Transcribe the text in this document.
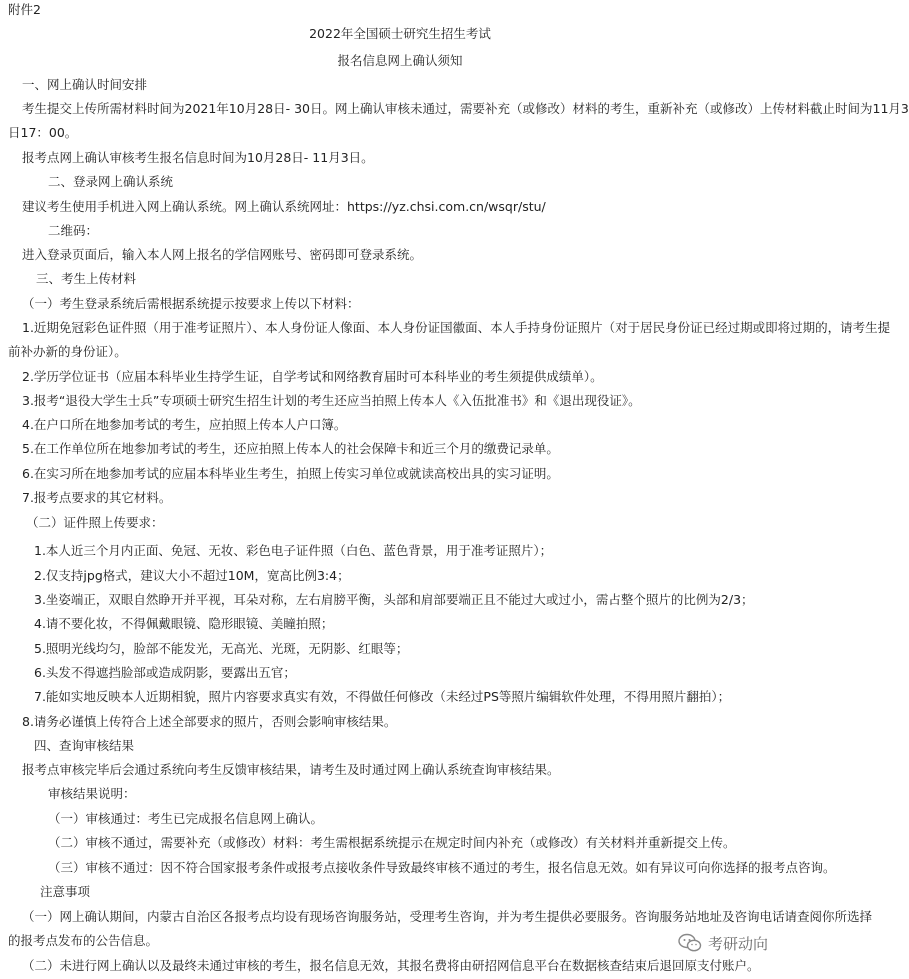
附件2
2022年全国硕士研究生招生考试
报名信息网上确认须知
一、网上确认时间安排
考生提交上传所需材料时间为2021年10月28日- 30日。网上确认审核未通过，需要补充（或修改）材料的考生，重新补充（或修改）上传材料截止时间为11月3
日17：00。
报考点网上确认审核考生报名信息时间为10月28日- 11月3日。
二、登录网上确认系统
建议考生使用手机进入网上确认系统。网上确认系统网址：https://yz.chsi.com.cn/wsqr/stu/
二维码：
进入登录页面后，输入本人网上报名的学信网账号、密码即可登录系统。
三、考生上传材料
（一）考生登录系统后需根据系统提示按要求上传以下材料：
1.近期免冠彩色证件照（用于准考证照片）、本人身份证人像面、本人身份证国徽面、本人手持身份证照片（对于居民身份证已经过期或即将过期的，请考生提
前补办新的身份证）。
2.学历学位证书（应届本科毕业生持学生证，自学考试和网络教育届时可本科毕业的考生须提供成绩单）。
3.报考“退役大学生士兵”专项硕士研究生招生计划的考生还应当拍照上传本人《入伍批准书》和《退出现役证》。
4.在户口所在地参加考试的考生，应拍照上传本人户口簿。
5.在工作单位所在地参加考试的考生，还应拍照上传本人的社会保障卡和近三个月的缴费记录单。
6.在实习所在地参加考试的应届本科毕业生考生，拍照上传实习单位或就读高校出具的实习证明。
7.报考点要求的其它材料。
（二）证件照上传要求：
1.本人近三个月内正面、免冠、无妆、彩色电子证件照（白色、蓝色背景，用于准考证照片）；
2.仅支持jpg格式，建议大小不超过10M，宽高比例3:4；
3.坐姿端正，双眼自然睁开并平视，耳朵对称，左右肩膀平衡，头部和肩部要端正且不能过大或过小，需占整个照片的比例为2/3；
4.请不要化妆，不得佩戴眼镜、隐形眼镜、美瞳拍照；
5.照明光线均匀，脸部不能发光，无高光、光斑，无阴影、红眼等；
6.头发不得遮挡脸部或造成阴影，要露出五官；
7.能如实地反映本人近期相貌，照片内容要求真实有效，不得做任何修改（未经过PS等照片编辑软件处理，不得用照片翻拍）；
8.请务必谨慎上传符合上述全部要求的照片，否则会影响审核结果。
四、查询审核结果
报考点审核完毕后会通过系统向考生反馈审核结果，请考生及时通过网上确认系统查询审核结果。
审核结果说明：
（一）审核通过：考生已完成报名信息网上确认。
（二）审核不通过，需要补充（或修改）材料：考生需根据系统提示在规定时间内补充（或修改）有关材料并重新提交上传。
（三）审核不通过：因不符合国家报考条件或报考点接收条件导致最终审核不通过的考生，报名信息无效。如有异议可向你选择的报考点咨询。
注意事项
（一）网上确认期间，内蒙古自治区各报考点均设有现场咨询服务站，受理考生咨询，并为考生提供必要服务。咨询服务站地址及咨询电话请查阅你所选择
的报考点发布的公告信息。
（二）未进行网上确认以及最终未通过审核的考生，报名信息无效，其报名费将由研招网信息平台在数据核查结束后退回原支付账户。
考研动向
